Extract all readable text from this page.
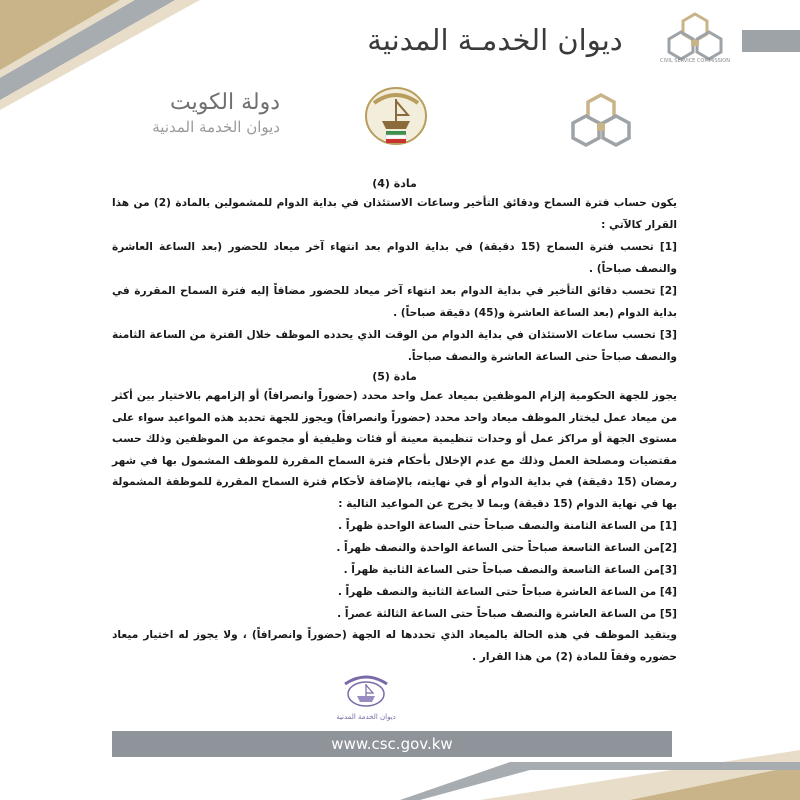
ديوان الخدمـة المدنية
CIVIL SERVICE COMMISSION
دولة الكويت
ديوان الخدمة المدنية
مادة (4)

يكون حساب فترة السماح ودقائق التأخير وساعات الاستئذان في بداية الدوام للمشمولين بالمادة (2) من هذا القرار كالآتي :

[1] تحسب فترة السماح (15 دقيقة) في بداية الدوام بعد انتهاء آخر ميعاد للحضور (بعد الساعة العاشرة والنصف صباحاً) .

[2] تحسب دقائق التأخير في بداية الدوام بعد انتهاء آخر ميعاد للحضور مضافاً إليه فترة السماح المقررة في بداية الدوام (بعد الساعة العاشرة و(45) دقيقة صباحاً) .

[3] تحسب ساعات الاستئذان في بداية الدوام من الوقت الذي يحدده الموظف خلال الفترة من الساعة الثامنة والنصف صباحاً حتى الساعة العاشرة والنصف صباحاً.

مادة (5)

يجوز للجهة الحكومية إلزام الموظفين بميعاد عمل واحد محدد (حضوراً وانصرافاً) أو إلزامهم بالاختيار بين أكثر من ميعاد عمل ليختار الموظف ميعاد واحد محدد (حضوراً وانصرافاً) ويجوز للجهة تحديد هذه المواعيد سواء على مستوى الجهة أو مراكز عمل أو وحدات تنظيمية معينة أو فئات وظيفية أو مجموعة من الموظفين وذلك حسب مقتضيات ومصلحة العمل وذلك مع عدم الإخلال بأحكام فترة السماح المقررة للموظف المشمول بها في شهر رمضان (15 دقيقة) في بداية الدوام أو في نهايته، بالإضافة لأحكام فترة السماح المقررة للموظفة المشمولة بها في نهاية الدوام (15 دقيقة) وبما لا يخرج عن المواعيد التالية :

[1] من الساعة الثامنة والنصف صباحاً حتى الساعة الواحدة ظهراً .

[2]من الساعة التاسعة صباحاً حتى الساعة الواحدة والنصف ظهراً .

[3]من الساعة التاسعة والنصف صباحاً حتى الساعة الثانية ظهراً .

[4] من الساعة العاشرة صباحاً حتى الساعة الثانية والنصف ظهراً .

[5] من الساعة العاشرة والنصف صباحاً حتى الساعة الثالثة عصراً .

ويتقيد الموظف في هذه الحالة بالميعاد الذي تحددها له الجهة (حضوراً وانصرافاً) ، ولا يجوز له اختيار ميعاد حضوره وفقاً للمادة (2) من هذا القرار .

ديوان الخدمة المدنية
www.csc.gov.kw
